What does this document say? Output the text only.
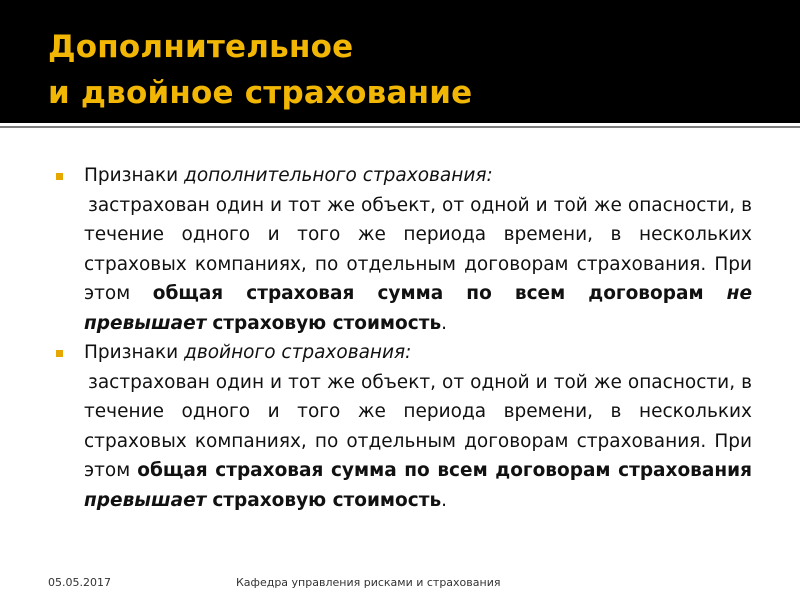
Дополнительное
и двойное страхование
Признаки дополнительного страхования:
застрахован один и тот же объект, от одной и той же опасности, в течение одного и того же периода времени, в нескольких страховых компаниях, по отдельным договорам страхования. При этом общая страховая сумма по всем договорам не превышает страховую стоимость.
Признаки двойного страхования:
застрахован один и тот же объект, от одной и той же опасности, в течение одного и того же периода времени, в нескольких страховых компаниях, по отдельным договорам страхования. При этом общая страховая сумма по всем договорам страхования превышает страховую стоимость.
05.05.2017	Кафедра управления рисками и страхования
